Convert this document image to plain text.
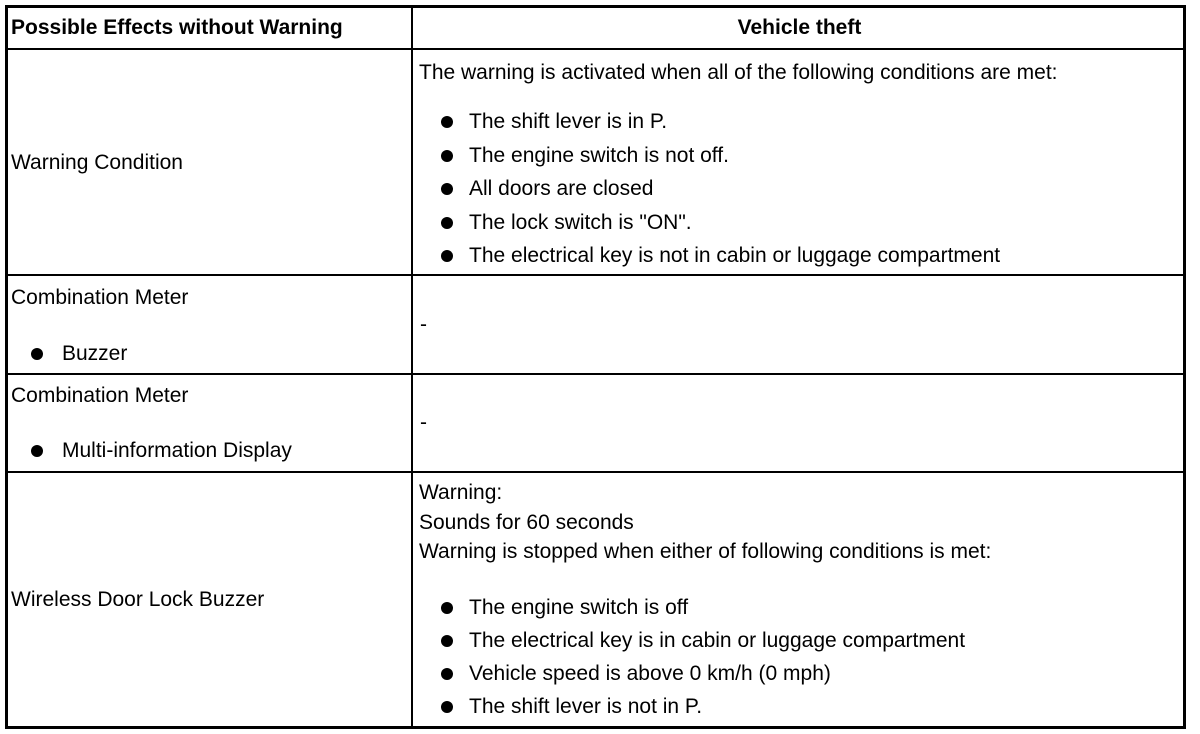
Possible Effects without Warning	Vehicle theft
Warning Condition
The warning is activated when all of the following conditions are met:
The shift lever is in P.
The engine switch is not off.
All doors are closed
The lock switch is "ON".
The electrical key is not in cabin or luggage compartment
Combination Meter
Buzzer
-
Combination Meter
Multi-information Display
-
Wireless Door Lock Buzzer
Warning:
Sounds for 60 seconds
Warning is stopped when either of following conditions is met:
The engine switch is off
The electrical key is in cabin or luggage compartment
Vehicle speed is above 0 km/h (0 mph)
The shift lever is not in P.
